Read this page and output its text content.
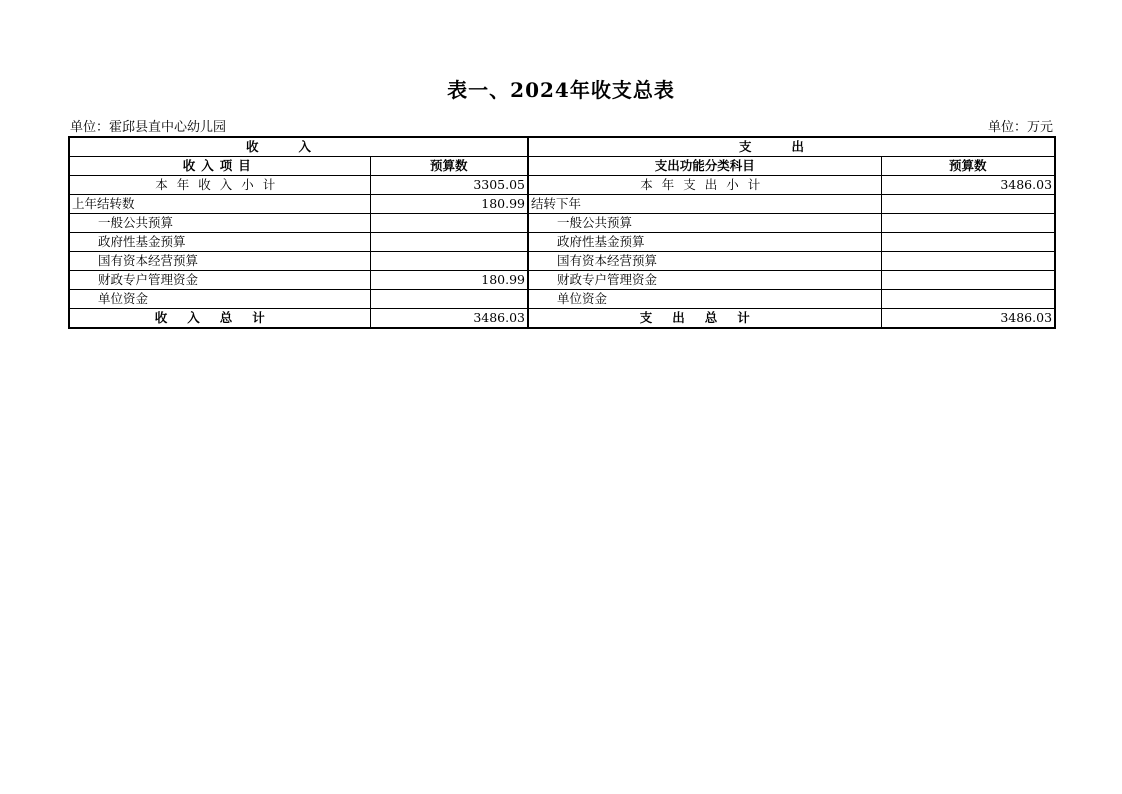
表一、2024年收支总表
单位：霍邱县直中心幼儿园	单位：万元
收入		支出	
收入项目	预算数	支出功能分类科目	预算数
本年收入小计	3305.05	本年支出小计	3486.03
上年结转数	180.99	结转下年	
一般公共预算		一般公共预算	
政府性基金预算		政府性基金预算	
国有资本经营预算		国有资本经营预算	
财政专户管理资金	180.99	财政专户管理资金	
单位资金		单位资金	
收入总计	3486.03	支出总计	3486.03
